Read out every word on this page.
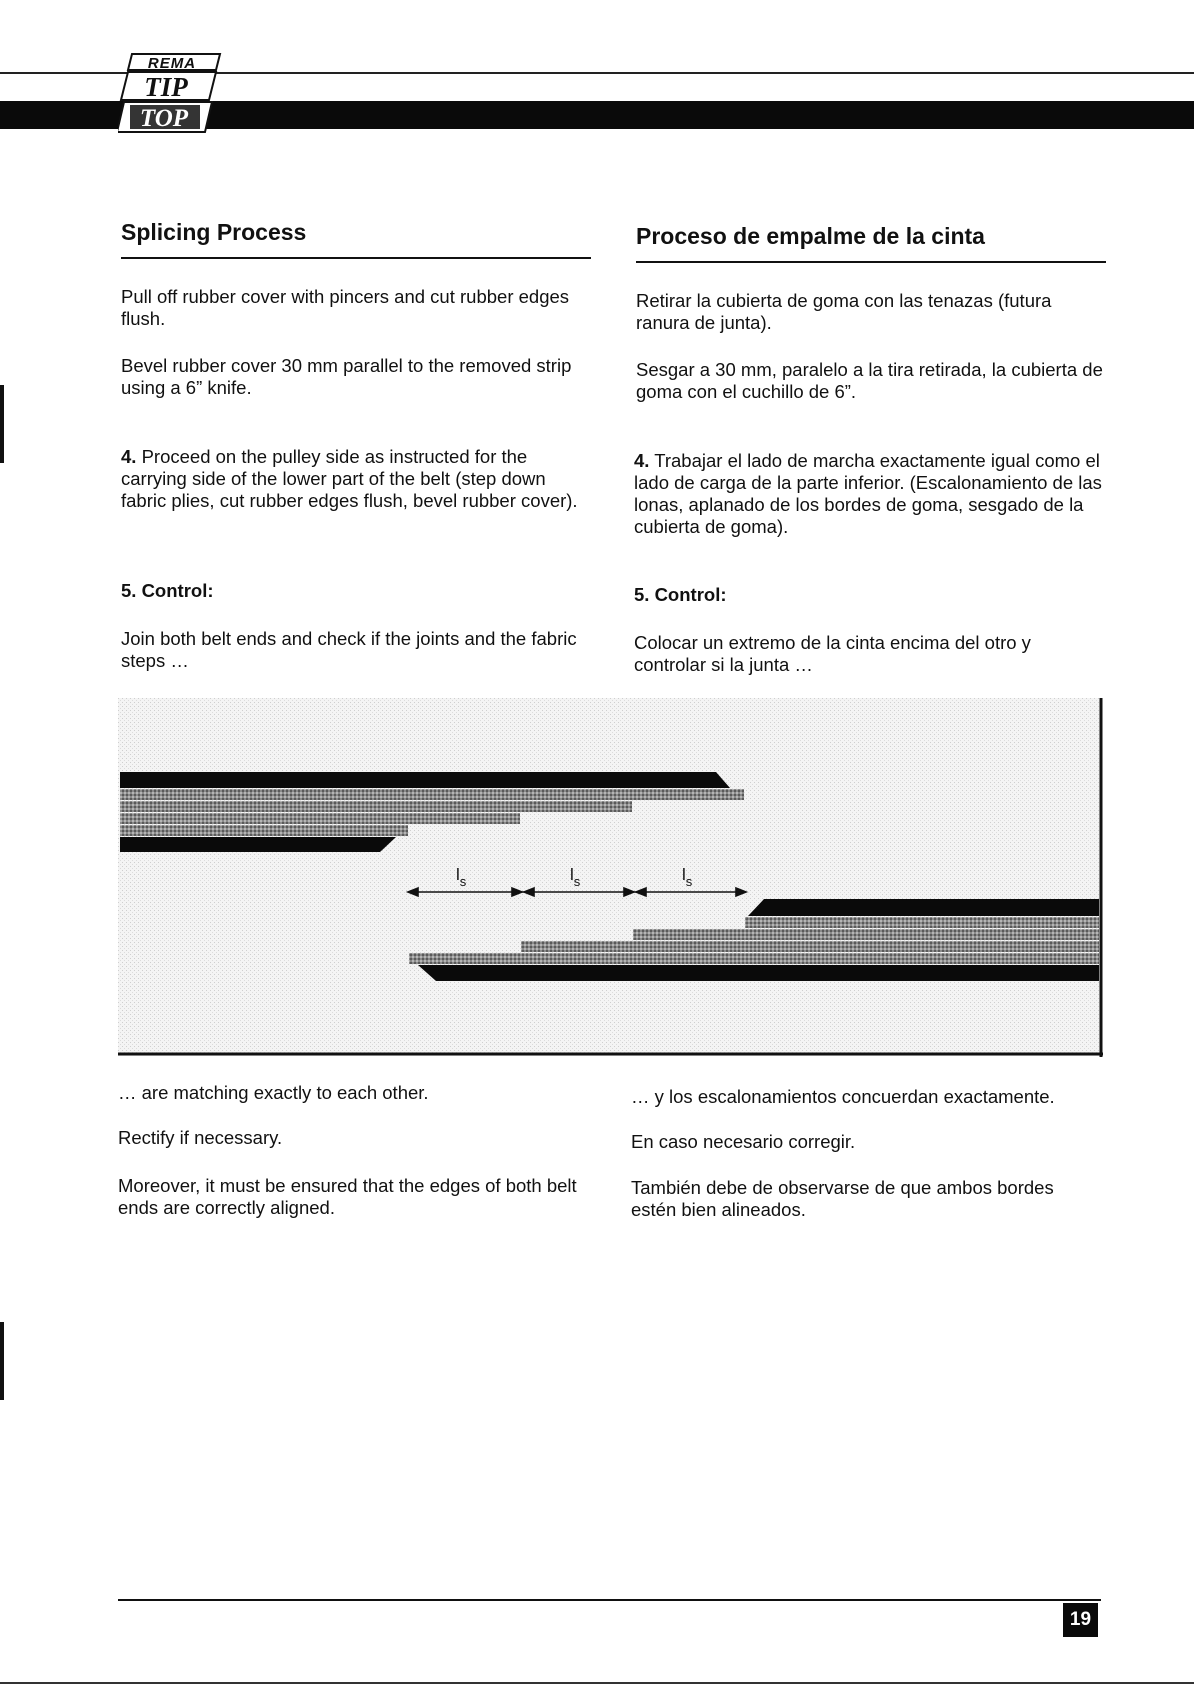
REMA
TIP
TOP
Splicing Process

Pull off rubber cover with pincers and cut rubber edges flush.

Bevel rubber cover 30 mm parallel to the removed strip using a 6” knife.

4. Proceed on the pulley side as instructed for the carrying side of the lower part of the belt (step down fabric plies, cut rubber edges flush, bevel rubber cover).

5. Control:

Join both belt ends and check if the joints and the fabric steps …

Proceso de empalme de la cinta

Retirar la cubierta de goma con las tenazas (futura ranura de junta).

Sesgar a 30 mm, paralelo a la tira retirada, la cubierta de goma con el cuchillo de 6”.

4. Trabajar el lado de marcha exactamente igual como el lado de carga de la parte inferior. (Escalonamiento de las lonas, aplanado de los bordes de goma, sesgado de la cubierta de goma).

5. Control:

Colocar un extremo de la cinta encima del otro y controlar si la junta …

$l_s$	$l_s$	$l_s$

… are matching exactly to each other.

Rectify if necessary.

Moreover, it must be ensured that the edges of both belt ends are correctly aligned.

… y los escalonamientos concuerdan exactamente.

En caso necesario corregir.

También debe de observarse de que ambos bordes estén bien alineados.

19
